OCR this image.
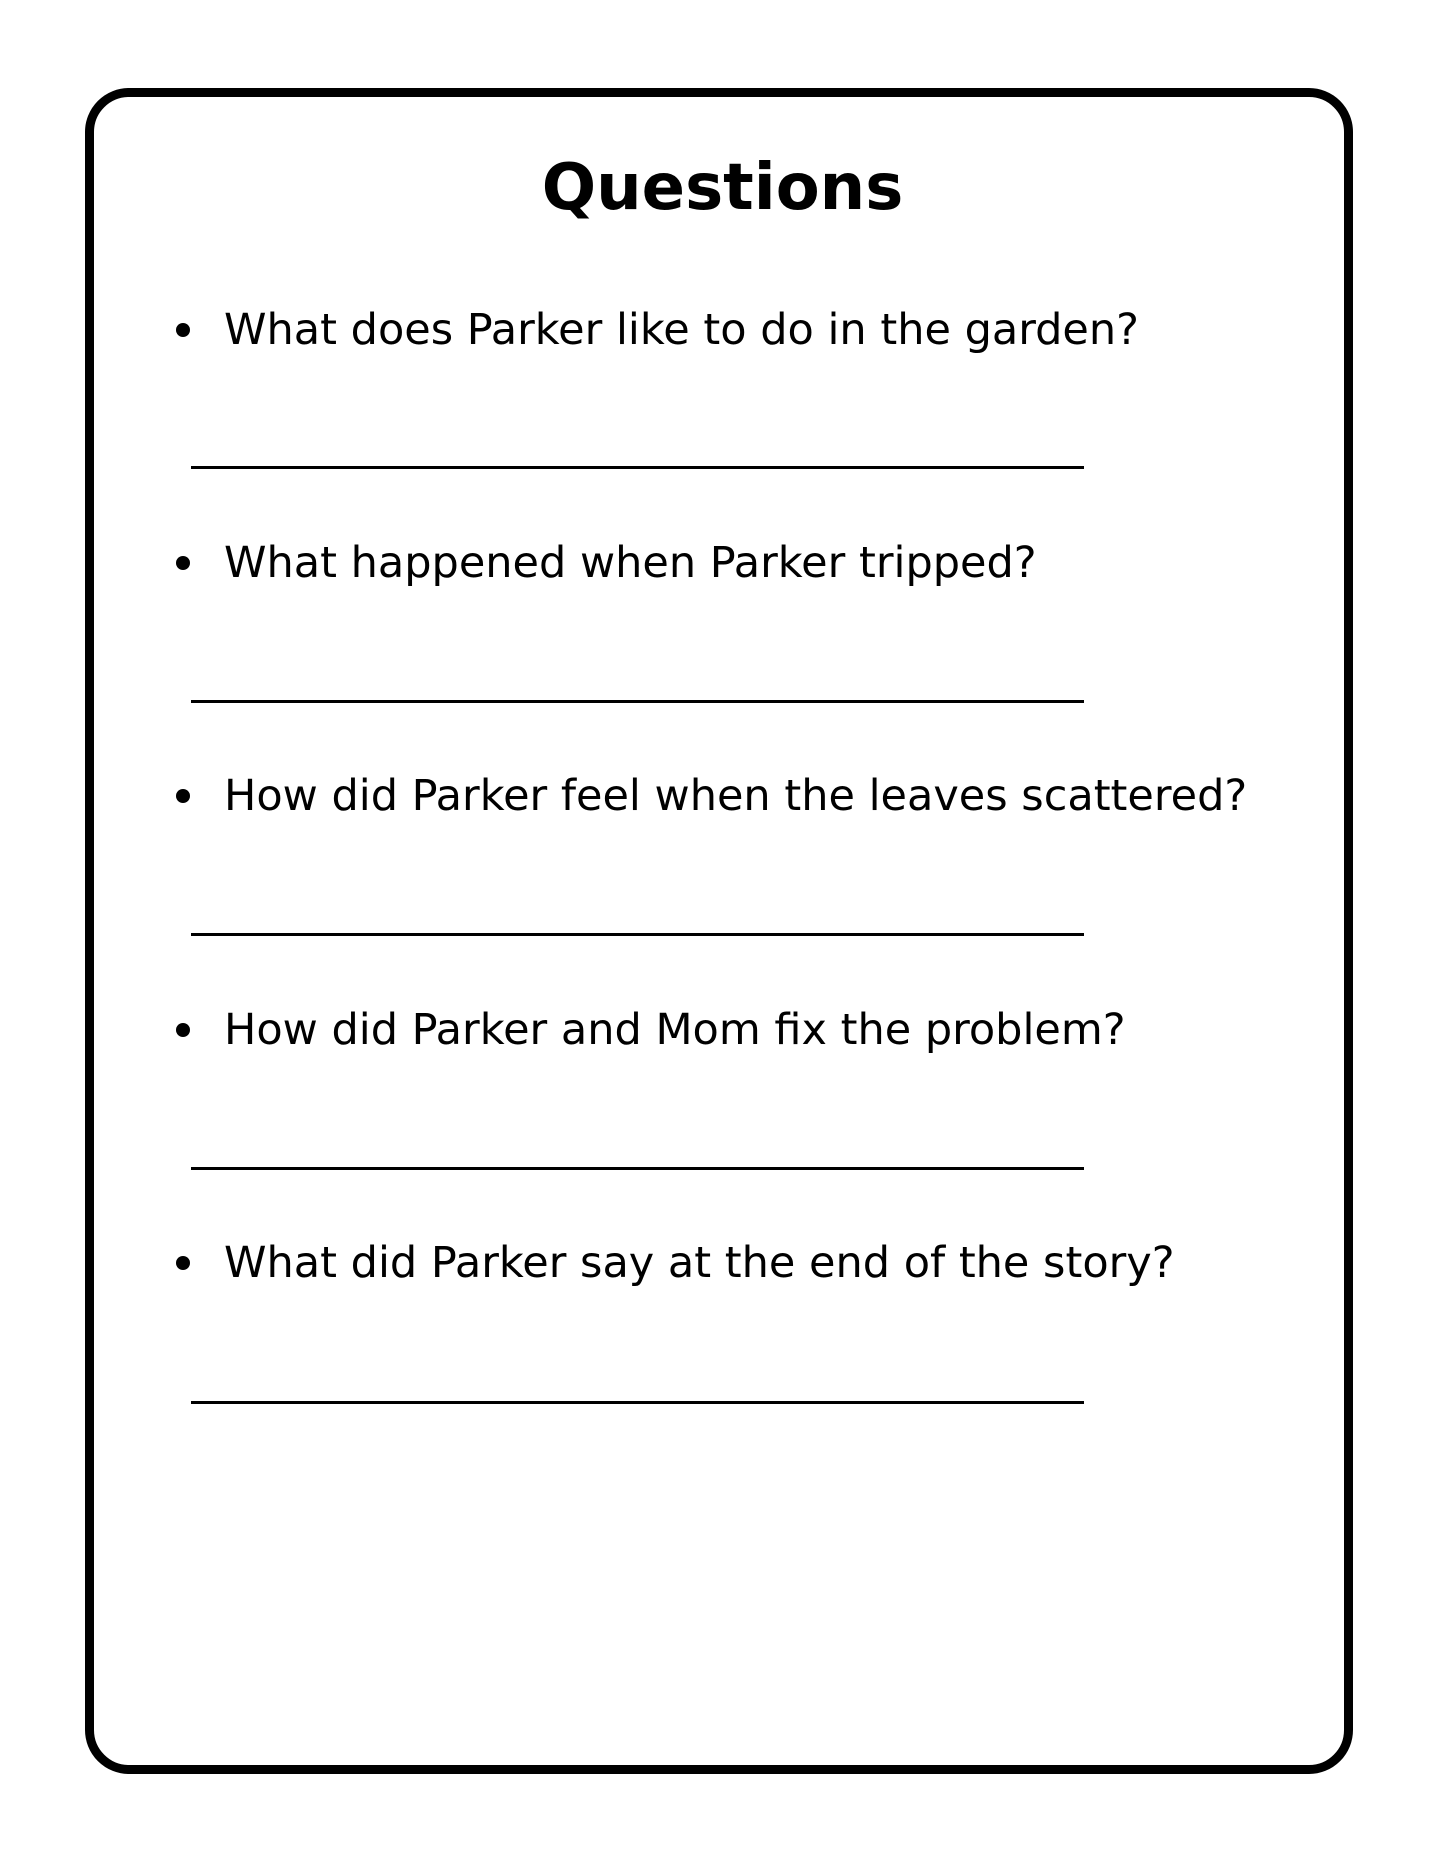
Questions
What does Parker like to do in the garden?
What happened when Parker tripped?
How did Parker feel when the leaves scattered?
How did Parker and Mom fix the problem?
What did Parker say at the end of the story?
